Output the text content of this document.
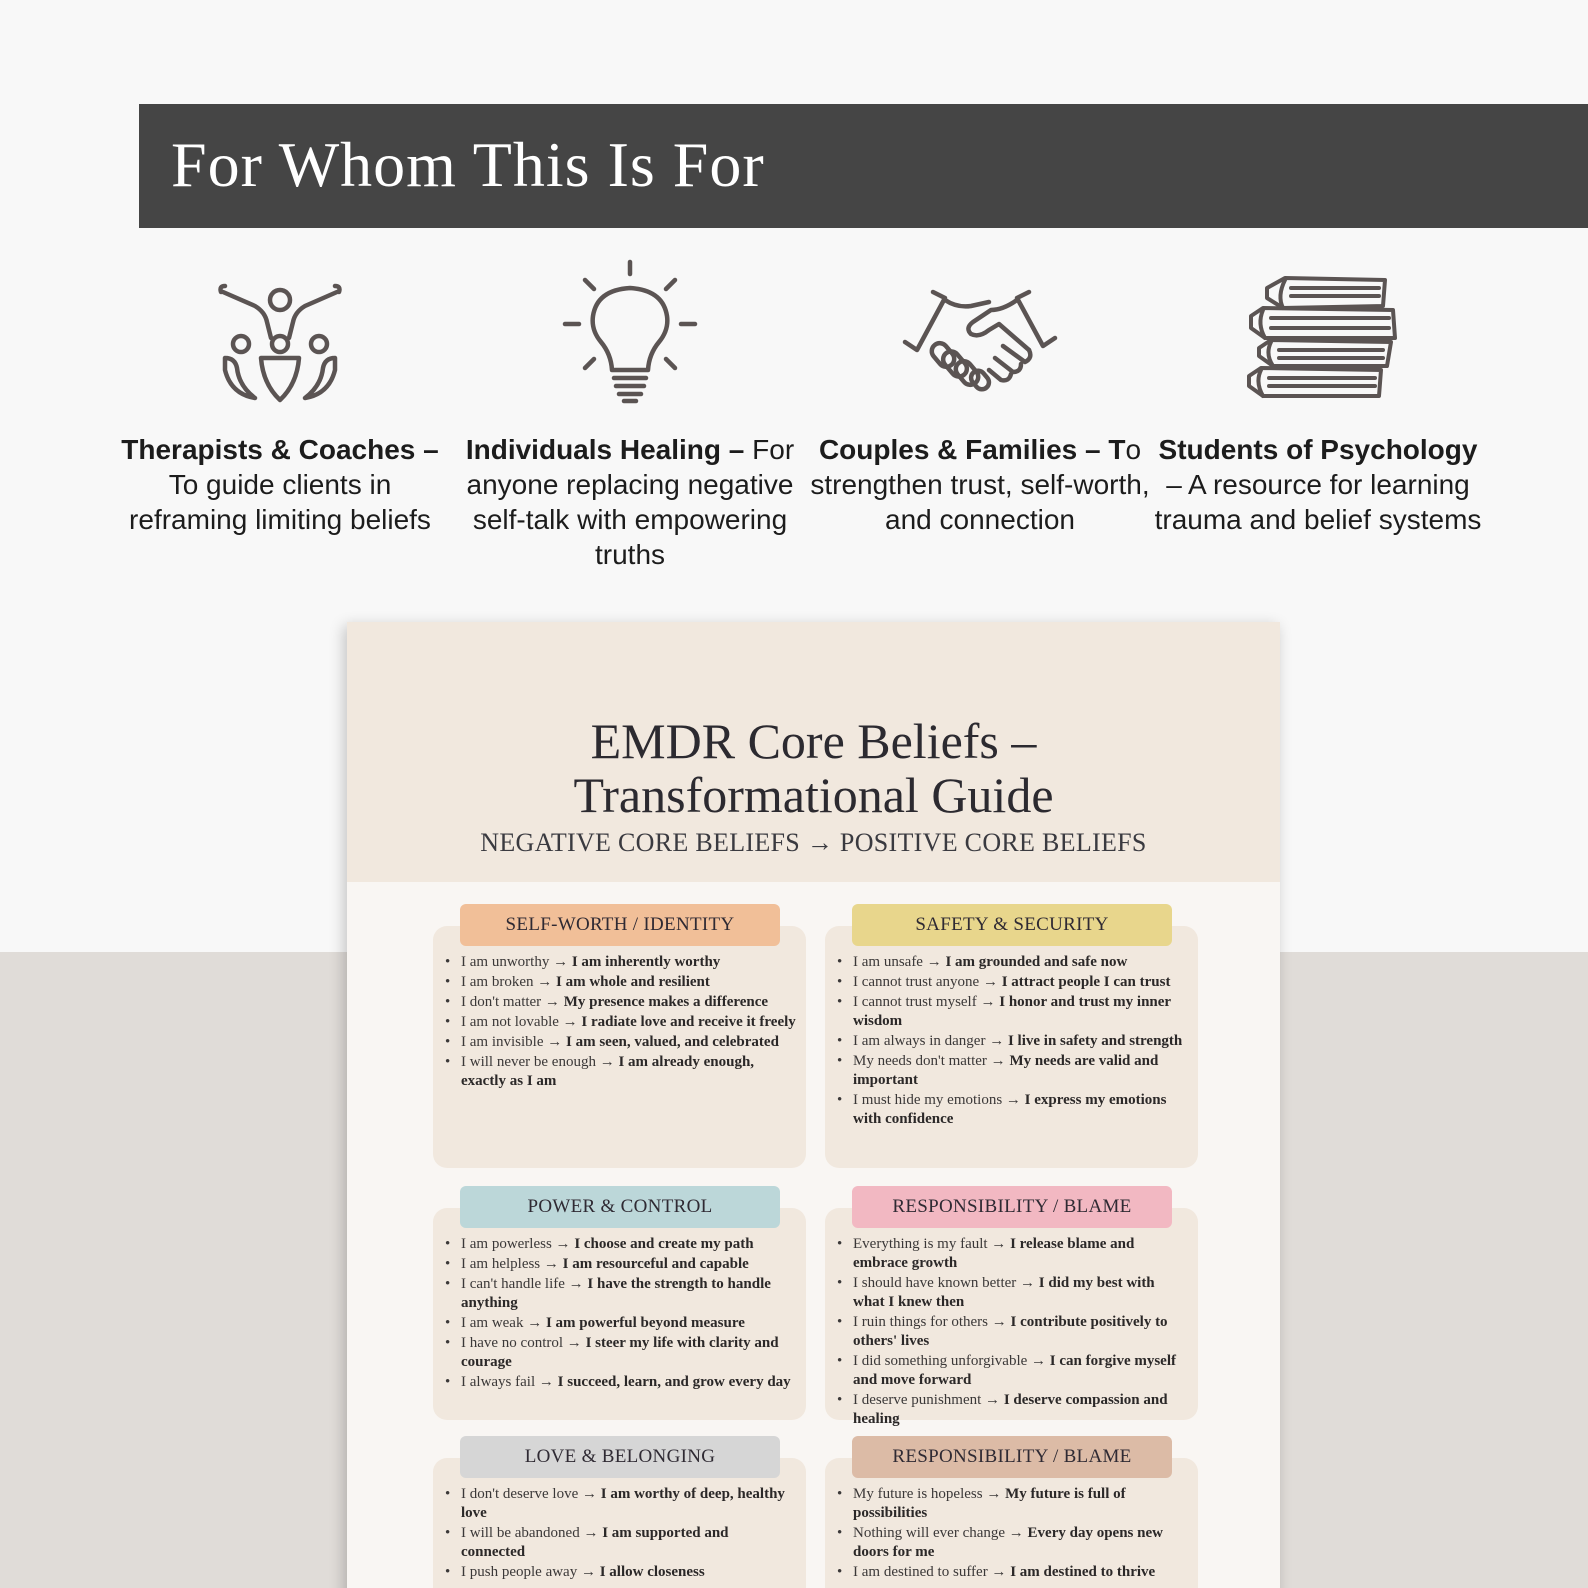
For Whom This Is For
Therapists & Coaches – To guide clients in reframing limiting beliefs
Individuals Healing – For anyone replacing negative self-talk with empowering truths
Couples & Families – To strengthen trust, self-worth, and connection
Students of Psychology – A resource for learning trauma and belief systems
EMDR Core Beliefs –
Transformational Guide
NEGATIVE CORE BELIEFS → POSITIVE CORE BELIEFS
SELF-WORTH / IDENTITY
• I am unworthy → I am inherently worthy
• I am broken → I am whole and resilient
• I don't matter → My presence makes a difference
• I am not lovable → I radiate love and receive it freely
• I am invisible → I am seen, valued, and celebrated
• I will never be enough → I am already enough, exactly as I am
SAFETY & SECURITY
• I am unsafe → I am grounded and safe now
• I cannot trust anyone → I attract people I can trust
• I cannot trust myself → I honor and trust my inner wisdom
• I am always in danger → I live in safety and strength
• My needs don't matter → My needs are valid and important
• I must hide my emotions → I express my emotions with confidence
POWER & CONTROL
• I am powerless → I choose and create my path
• I am helpless → I am resourceful and capable
• I can't handle life → I have the strength to handle anything
• I am weak → I am powerful beyond measure
• I have no control → I steer my life with clarity and courage
• I always fail → I succeed, learn, and grow every day
RESPONSIBILITY / BLAME
• Everything is my fault → I release blame and embrace growth
• I should have known better → I did my best with what I knew then
• I ruin things for others → I contribute positively to others' lives
• I did something unforgivable → I can forgive myself and move forward
• I deserve punishment → I deserve compassion and healing
LOVE & BELONGING
• I don't deserve love → I am worthy of deep, healthy love
• I will be abandoned → I am supported and connected
• I push people away → I allow closeness
RESPONSIBILITY / BLAME
• My future is hopeless → My future is full of possibilities
• Nothing will ever change → Every day opens new doors for me
• I am destined to suffer → I am destined to thrive
